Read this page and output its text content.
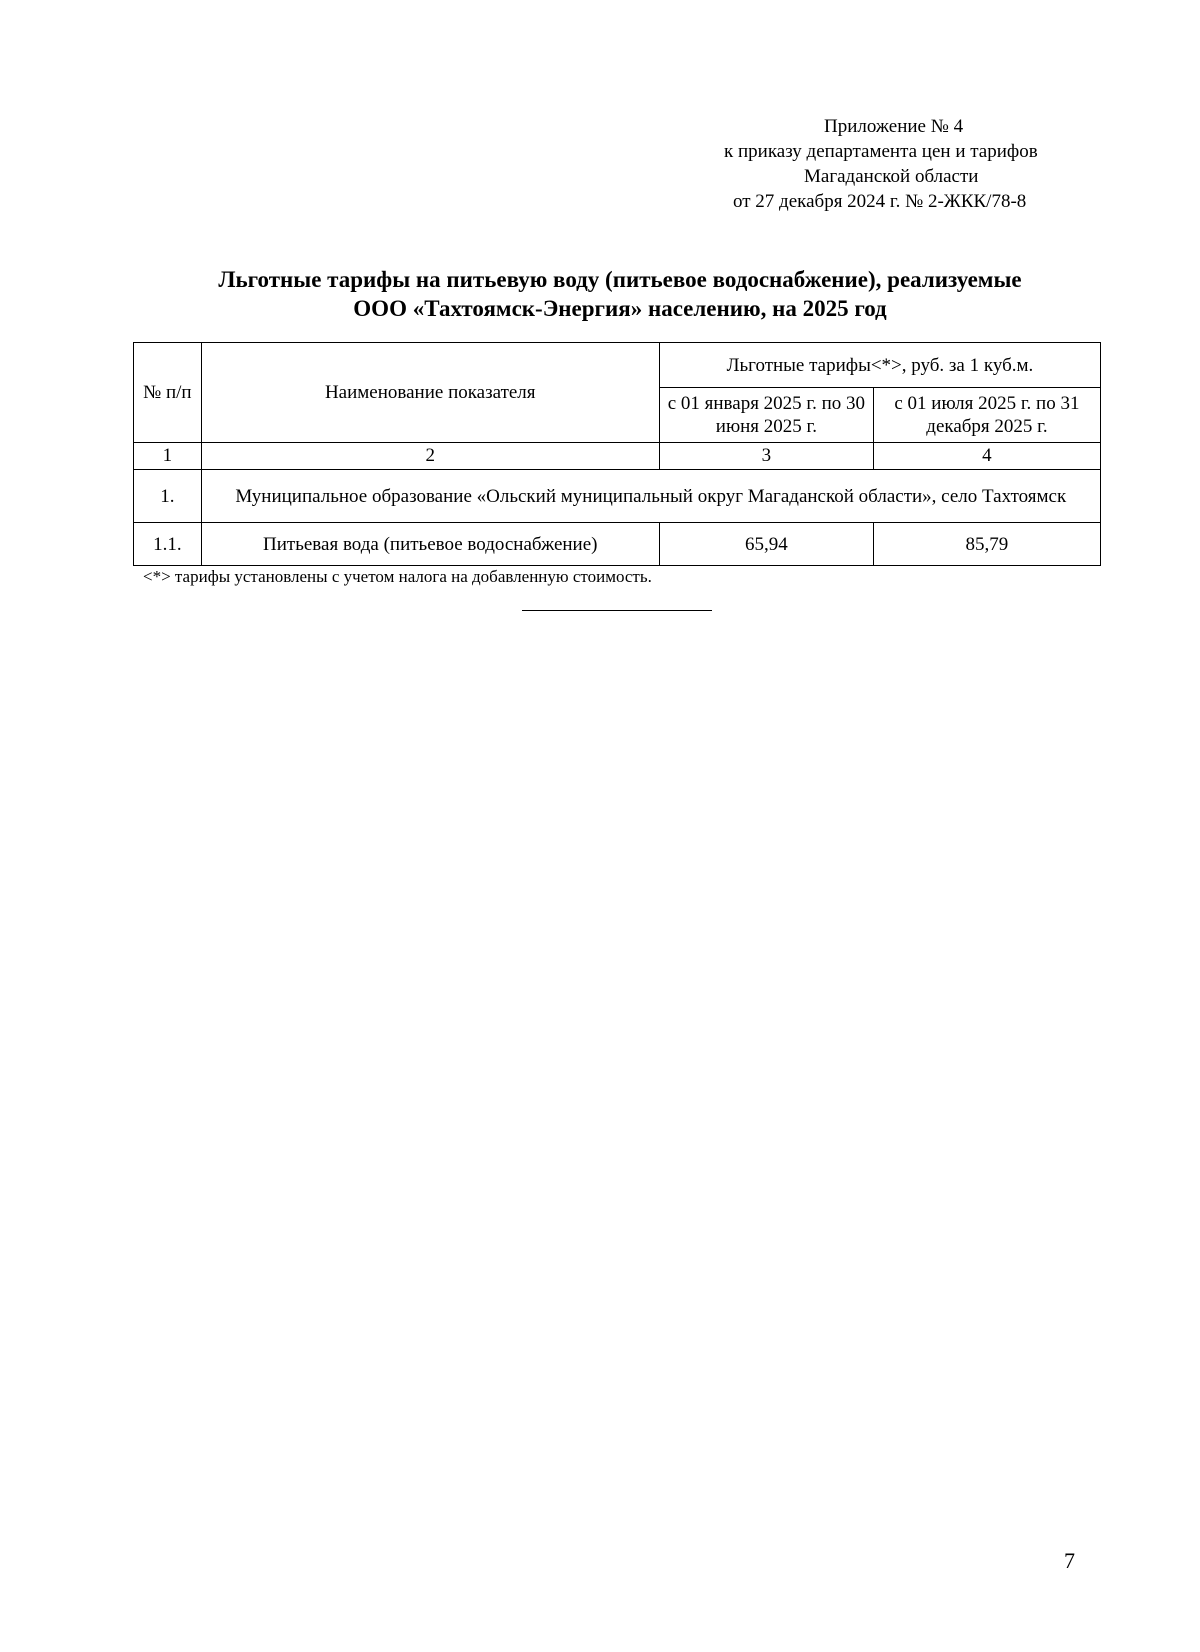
Приложение № 4
к приказу департамента цен и тарифов
Магаданской области
от 27 декабря 2024 г. № 2-ЖКК/78-8
Льготные тарифы на питьевую воду (питьевое водоснабжение), реализуемые
ООО «Тахтоямск-Энергия» населению, на 2025 год
№ п/п	Наименование показателя	Льготные тарифы<*>, руб. за 1 куб.м.	
		с 01 января 2025 г. по 30 июня 2025 г.	с 01 июля 2025 г. по 31 декабря 2025 г.
1	2	3	4
1.	Муниципальное образование «Ольский муниципальный округ Магаданской области», село Тахтоямск		
1.1.	Питьевая вода (питьевое водоснабжение)	65,94	85,79
<*> тарифы установлены с учетом налога на добавленную стоимость.
7
